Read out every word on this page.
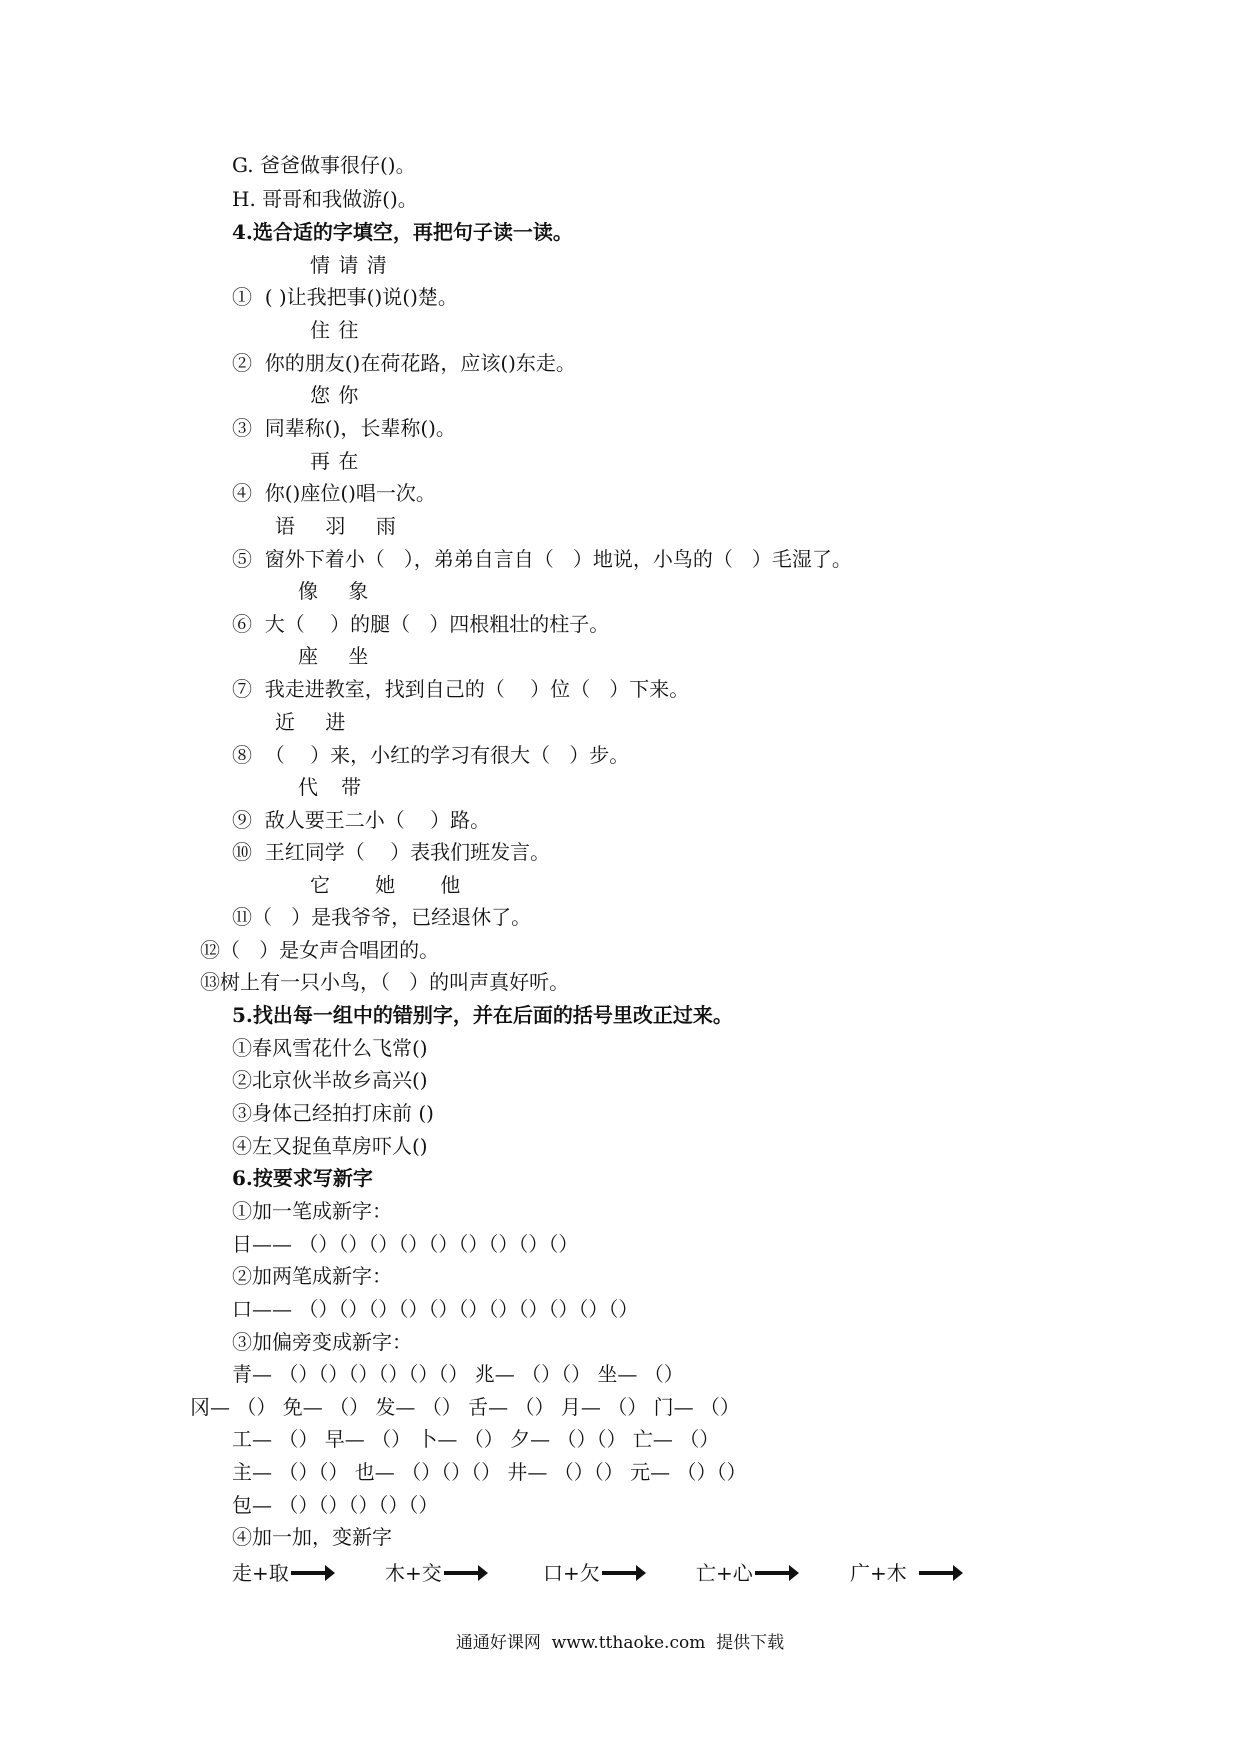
G. 爸爸做事很仔()。
H. 哥哥和我做游()。
4.选合适的字填空，再把句子读一读。
情 请 清
①  ( )让我把事()说()楚。
住 往
②  你的朋友()在荷花路，应该()东走。
您 你
③  同辈称()，长辈称()。
再 在
④  你()座位()唱一次。
语    羽    雨
⑤  窗外下着小（   ），弟弟自言自（   ）地说，小鸟的（   ）毛湿了。
像    象
⑥  大（    ）的腿（   ）四根粗壮的柱子。
座    坐
⑦  我走进教室，找到自己的（    ）位（   ）下来。
近    进
⑧  （    ）来，小红的学习有很大（   ）步。
代   带
⑨  敌人要王二小（    ）路。
⑩  王红同学（    ）表我们班发言。
它      她      他
⑪（   ）是我爷爷，已经退休了。
⑫（   ）是女声合唱团的。
⑬树上有一只小鸟，（   ）的叫声真好听。
5.找出每一组中的错别字，并在后面的括号里改正过来。
①春风雪花什么飞常()
②北京伙半故乡高兴()
③身体己经拍打床前 ()
④左又捉鱼草房吓人()
6.按要求写新字
①加一笔成新字：
日—— （）（）（）（）（）（）（）（）（）
②加两笔成新字：
口—— （）（）（）（）（）（）（）（）（）（）（）
③加偏旁变成新字：
青— （）（）（）（）（）（） 兆— （）（） 坐— （）
冈— （） 免— （） 发— （） 舌— （） 月— （） 门— （）
工— （） 早— （） 卜— （） 夕— （）（） 亡— （）
主— （）（） 也— （）（）（） 井— （）（） 元— （）（）
包— （）（）（）（）（）
④加一加，变新字
走+取	木+交	口+欠	亡+心	广+木
通通好课网  www.tthaoke.com  提供下载
